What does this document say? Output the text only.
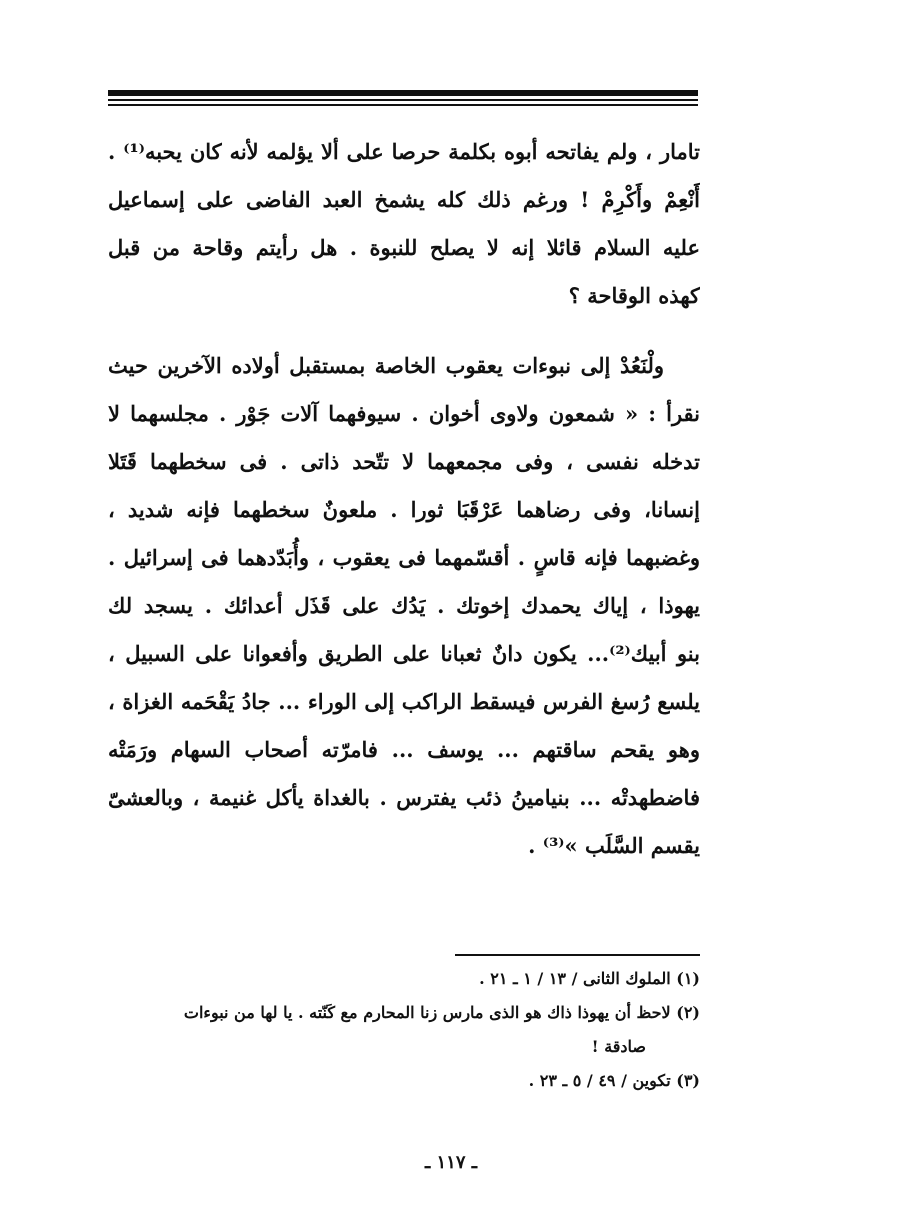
تامار ، ولم يفاتحه أبوه بكلمة حرصا على ألا يؤلمه لأنه كان يحبه⁽¹⁾ .
أَنْعِمْ وأَكْرِمْ ! ورغم ذلك كله يشمخ العبد الفاضى على إسماعيل
عليه السلام قائلا إنه لا يصلح للنبوة . هل رأيتم وقاحة من قبل
كهذه الوقاحة ؟
ولْنَعُدْ إلى نبوءات يعقوب الخاصة بمستقبل أولاده الآخرين حيث
نقرأ : « شمعون ولاوى أخوان . سيوفهما آلات جَوْر . مجلسهما لا
تدخله نفسى ، وفى مجمعهما لا تتّحد ذاتى . فى سخطهما قَتَلا
إنسانا، وفى رضاهما عَرْقَبَا ثورا . ملعونٌ سخطهما فإنه شديد ،
وغضبهما فإنه قاسٍ . أقسّمهما فى يعقوب ، وأُبَدّدهما فى إسرائيل .
يهوذا ، إياك يحمدك إخوتك . يَدُك على قَذَل أعدائك . يسجد لك
بنو أبيك⁽²⁾... يكون دانٌ ثعبانا على الطريق وأفعوانا على السبيل ،
يلسع رُسغ الفرس فيسقط الراكب إلى الوراء ... جادُ يَقْحَمه الغزاة ،
وهو يقحم ساقتهم ... يوسف ... فامرّته أصحاب السهام ورَمَتْه
فاضطهدتْه ... بنيامينُ ذئب يفترس . بالغداة يأكل غنيمة ، وبالعشىّ
يقسم السَّلَب »⁽³⁾ .
(١) الملوك الثانى / ١٣ / ١ ـ ٢١ .
(٢) لاحظ أن يهوذا ذاك هو الذى مارس زنا المحارم مع كَنّته . يا لها من نبوءات
صادقة !
(٣) تكوين / ٤٩ / ٥ ـ ٢٣ .
ـ ١١٧ ـ
